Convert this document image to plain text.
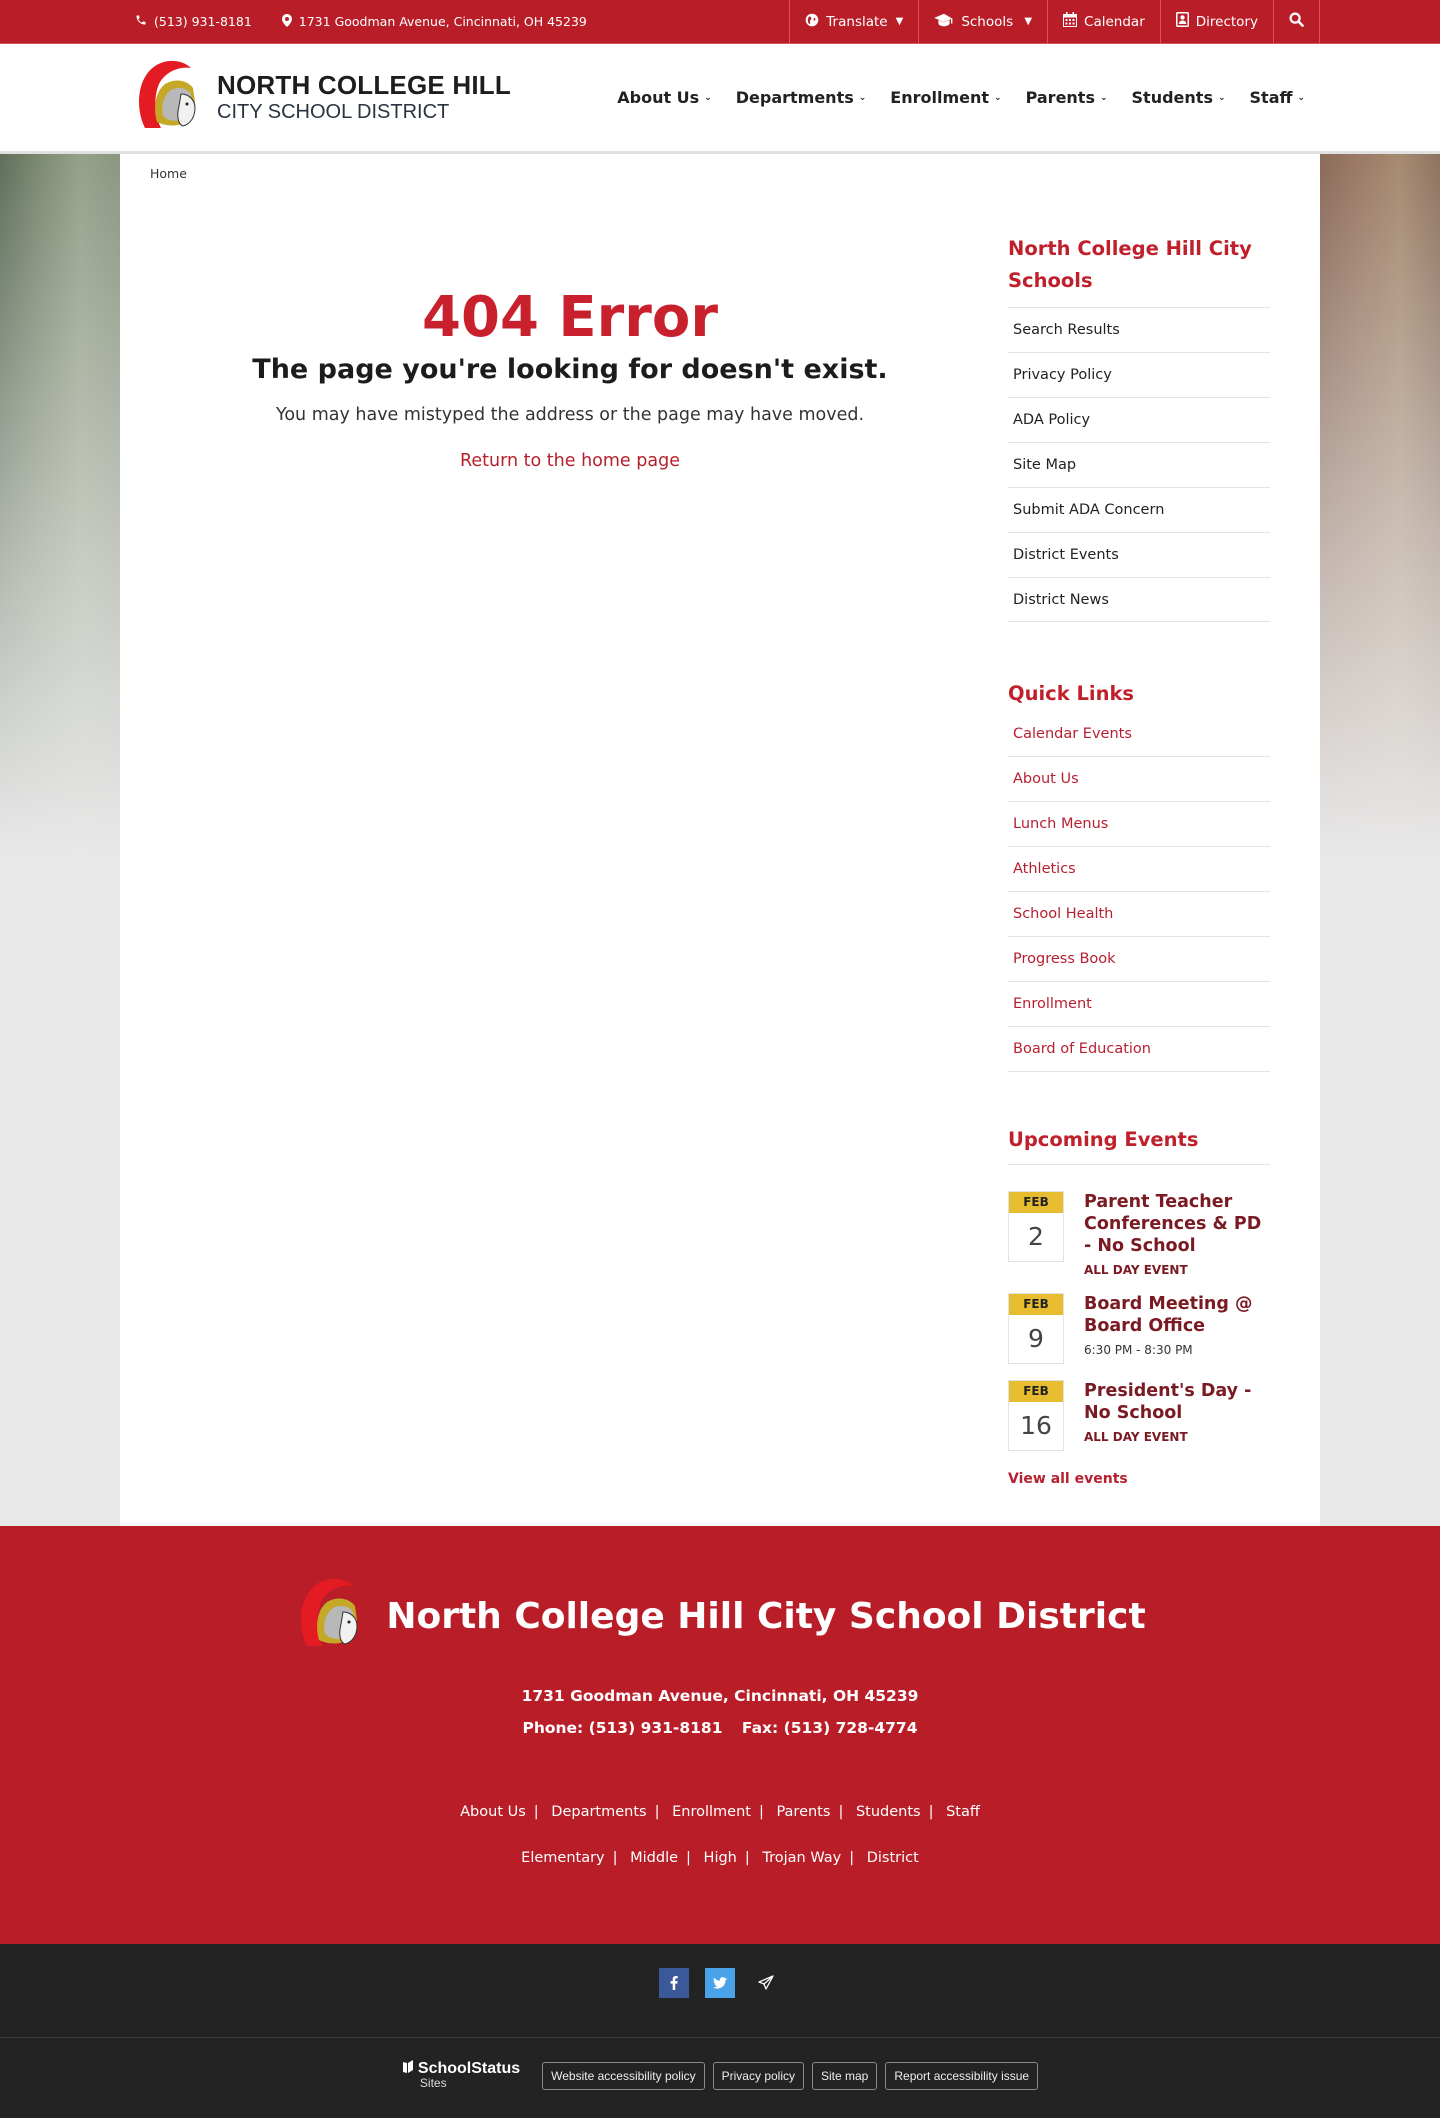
(513) 931-8181	1731 Goodman Avenue, Cincinnati, OH 45239	Translate ▼	Schools ▼	Calendar	Directory
NORTH COLLEGE HILL
CITY SCHOOL DISTRICT
About Us ⌄ Departments ⌄ Enrollment ⌄ Parents ⌄ Students ⌄ Staff ⌄
Home
404 Error
The page you're looking for doesn't exist.
You may have mistyped the address or the page may have moved.
Return to the home page
North College Hill City Schools
Search Results
Privacy Policy
ADA Policy
Site Map
Submit ADA Concern
District Events
District News
Quick Links
Calendar Events
About Us
Lunch Menus
Athletics
School Health
Progress Book
Enrollment
Board of Education
Upcoming Events
FEB
2
Parent Teacher Conferences & PD - No School
ALL DAY EVENT
FEB
9
Board Meeting @ Board Office
6:30 PM - 8:30 PM
FEB
16
President's Day - No School
ALL DAY EVENT
View all events
North College Hill City School District
1731 Goodman Avenue, Cincinnati, OH 45239
Phone: (513) 931-8181 Fax: (513) 728-4774
About Us | Departments | Enrollment | Parents | Students | Staff
Elementary | Middle | High | Trojan Way | District
SchoolStatus
Sites
Website accessibility policy	Privacy policy	Site map	Report accessibility issue
